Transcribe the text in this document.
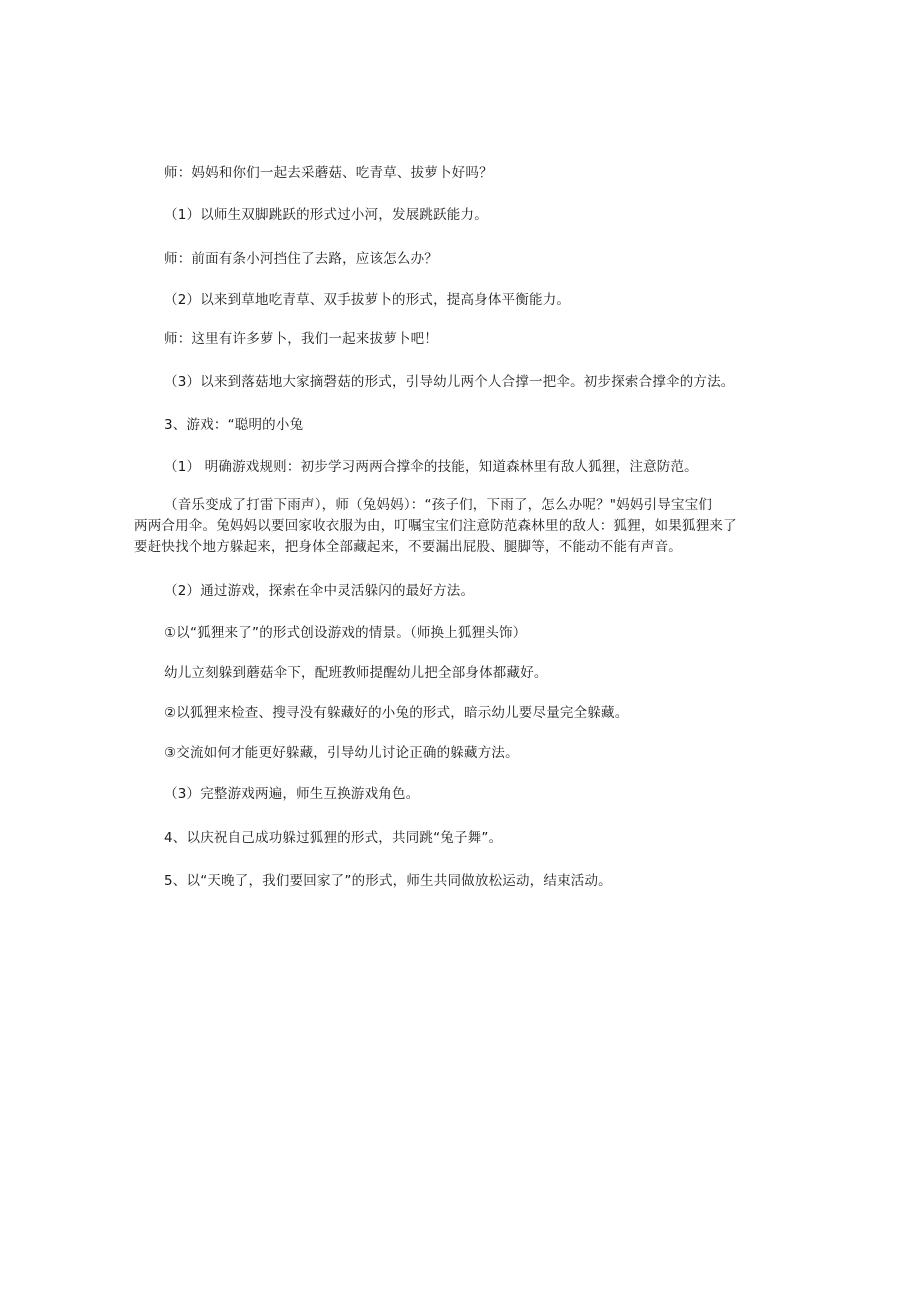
师：妈妈和你们一起去采蘑菇、吃青草、拔萝卜好吗？
（1）以师生双脚跳跃的形式过小河，发展跳跃能力。
师：前面有条小河挡住了去路，应该怎么办？
（2）以来到草地吃青草、双手拔萝卜的形式，提高身体平衡能力。
师：这里有许多萝卜，我们一起来拔萝卜吧！
（3）以来到落菇地大家摘磬菇的形式，引导幼儿两个人合撑一把伞。初步探索合撑伞的方法。
3、游戏：“聪明的小兔
（1） 明确游戏规则：初步学习两两合撑伞的技能，知道森林里有敌人狐狸，注意防范。
（音乐变成了打雷下雨声），师（兔妈妈）：“孩子们，下雨了，怎么办呢？"妈妈引导宝宝们
两两合用伞。兔妈妈以要回家收衣服为由，叮嘱宝宝们注意防范森林里的敌人：狐狸，如果狐狸来了
要赶快找个地方躲起来，把身体全部藏起来，不要漏出屁股、腿脚等，不能动不能有声音。
（2）通过游戏，探索在伞中灵活躲闪的最好方法。
①以“狐狸来了”的形式创设游戏的情景。（师换上狐狸头饰）
幼儿立刻躲到蘑菇伞下，配班教师提醒幼儿把全部身体都藏好。
②以狐狸来检查、搜寻没有躲藏好的小兔的形式，暗示幼儿要尽量完全躲藏。
③交流如何才能更好躲藏，引导幼儿讨论正确的躲藏方法。
（3）完整游戏两遍，师生互换游戏角色。
4、以庆祝自己成功躲过狐狸的形式，共同跳“兔子舞”。
5、以“天晚了，我们要回家了”的形式，师生共同做放松运动，结束活动。
